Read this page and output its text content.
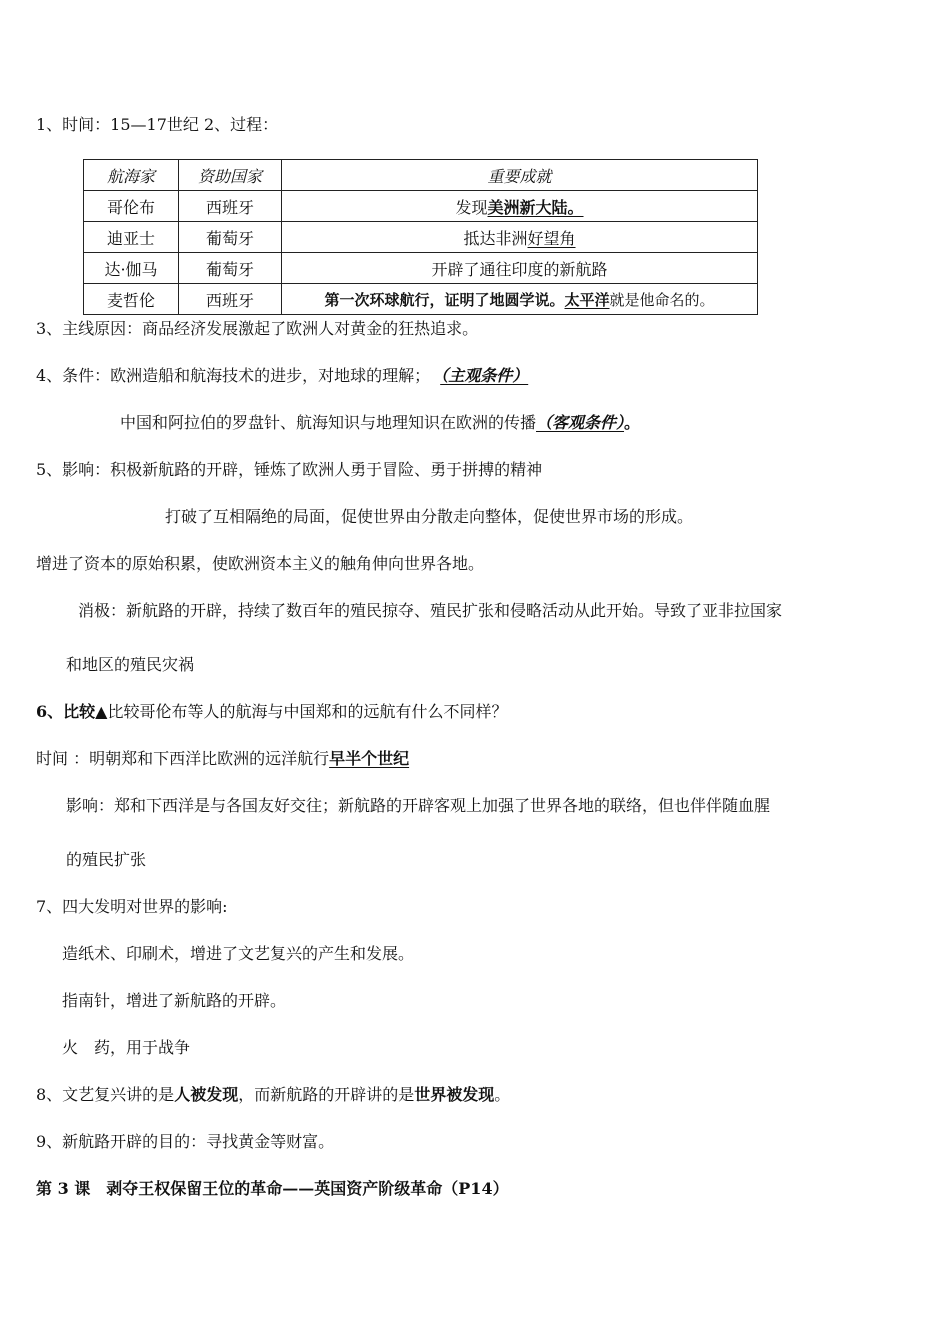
1、时间：15—17世纪 2、过程：
航海家	资助国家	重要成就
哥伦布	西班牙	发现美洲新大陆。
迪亚士	葡萄牙	抵达非洲好望角
达·伽马	葡萄牙	开辟了通往印度的新航路
麦哲伦	西班牙	第一次环球航行，证明了地圆学说。太平洋就是他命名的。
3、主线原因：商品经济发展激起了欧洲人对黄金的狂热追求。
4、条件：欧洲造船和航海技术的进步，对地球的理解； （主观条件）
中国和阿拉伯的罗盘针、航海知识与地理知识在欧洲的传播（客观条件）。
5、影响：积极新航路的开辟，锤炼了欧洲人勇于冒险、勇于拼搏的精神
打破了互相隔绝的局面，促使世界由分散走向整体，促使世界市场的形成。
增进了资本的原始积累，使欧洲资本主义的触角伸向世界各地。
消极：新航路的开辟，持续了数百年的殖民掠夺、殖民扩张和侵略活动从此开始。导致了亚非拉国家
和地区的殖民灾祸
6、比较▲比较哥伦布等人的航海与中国郑和的远航有什么不同样？
时间 ：明朝郑和下西洋比欧洲的远洋航行早半个世纪
影响：郑和下西洋是与各国友好交往；新航路的开辟客观上加强了世界各地的联络，但也伴伴随血腥
的殖民扩张
7、四大发明对世界的影响:
造纸术、印刷术，增进了文艺复兴的产生和发展。
指南针，增进了新航路的开辟。
火　药，用于战争
8、文艺复兴讲的是人被发现，而新航路的开辟讲的是世界被发现。
9、新航路开辟的目的：寻找黄金等财富。
第 3 课　剥夺王权保留王位的革命——英国资产阶级革命（P14）
